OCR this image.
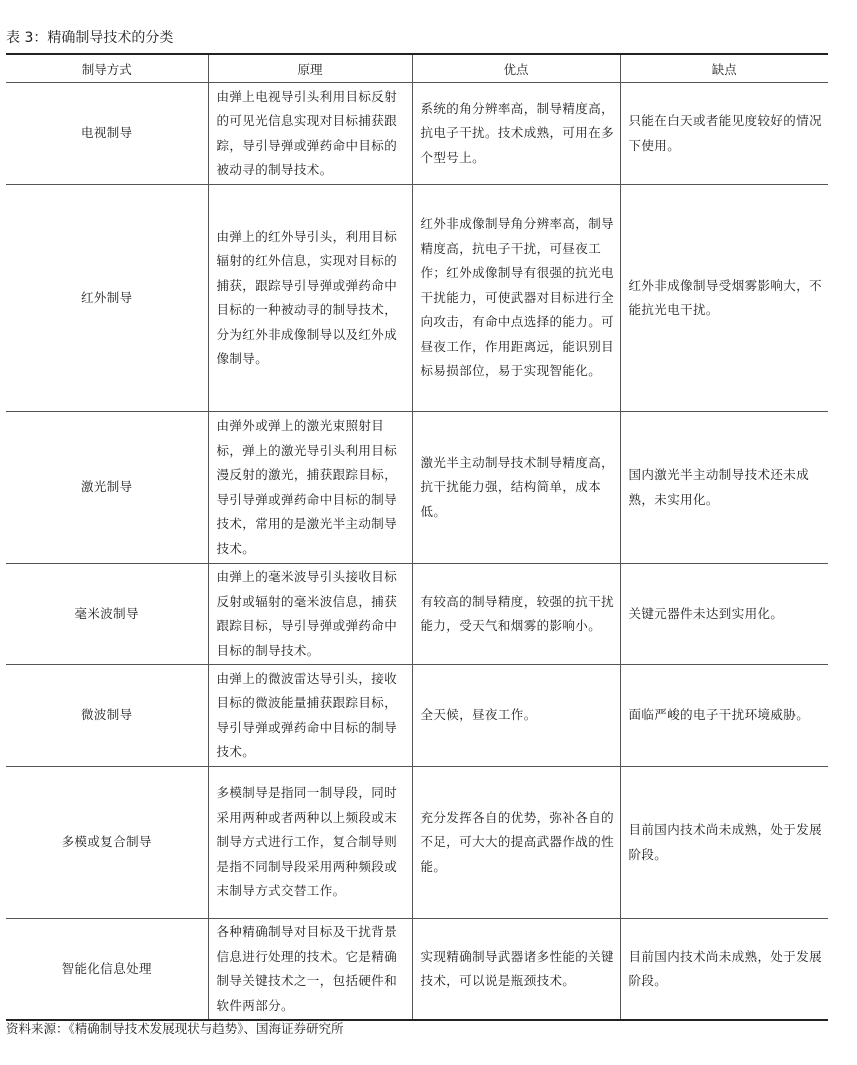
表 3：精确制导技术的分类
制导方式	原理	优点	缺点
电视制导	由弹上电视导引头利用目标反射的可见光信息实现对目标捕获跟踪，导引导弹或弹药命中目标的被动寻的制导技术。	系统的角分辨率高，制导精度高，抗电子干扰。技术成熟，可用在多个型号上。	只能在白天或者能见度较好的情况下使用。
红外制导	由弹上的红外导引头，利用目标辐射的红外信息，实现对目标的捕获，跟踪导引导弹或弹药命中目标的一种被动寻的制导技术，分为红外非成像制导以及红外成像制导。	红外非成像制导角分辨率高，制导精度高，抗电子干扰，可昼夜工作；红外成像制导有很强的抗光电干扰能力，可使武器对目标进行全向攻击，有命中点选择的能力。可昼夜工作，作用距离远，能识别目标易损部位，易于实现智能化。	红外非成像制导受烟雾影响大，不能抗光电干扰。
激光制导	由弹外或弹上的激光束照射目标，弹上的激光导引头利用目标漫反射的激光，捕获跟踪目标，导引导弹或弹药命中目标的制导技术，常用的是激光半主动制导技术。	激光半主动制导技术制导精度高，抗干扰能力强，结构简单，成本低。	国内激光半主动制导技术还未成熟，未实用化。
毫米波制导	由弹上的毫米波导引头接收目标反射或辐射的毫米波信息，捕获跟踪目标，导引导弹或弹药命中目标的制导技术。	有较高的制导精度，较强的抗干扰能力，受天气和烟雾的影响小。	关键元器件未达到实用化。
微波制导	由弹上的微波雷达导引头，接收目标的微波能量捕获跟踪目标，导引导弹或弹药命中目标的制导技术。	全天候，昼夜工作。	面临严峻的电子干扰环境威胁。
多模或复合制导	多模制导是指同一制导段，同时采用两种或者两种以上频段或末制导方式进行工作，复合制导则是指不同制导段采用两种频段或末制导方式交替工作。	充分发挥各自的优势，弥补各自的不足，可大大的提高武器作战的性能。	目前国内技术尚未成熟，处于发展阶段。
智能化信息处理	各种精确制导对目标及干扰背景信息进行处理的技术。它是精确制导关键技术之一，包括硬件和软件两部分。	实现精确制导武器诸多性能的关键技术，可以说是瓶颈技术。	目前国内技术尚未成熟，处于发展阶段。
资料来源：《精确制导技术发展现状与趋势》、国海证券研究所
